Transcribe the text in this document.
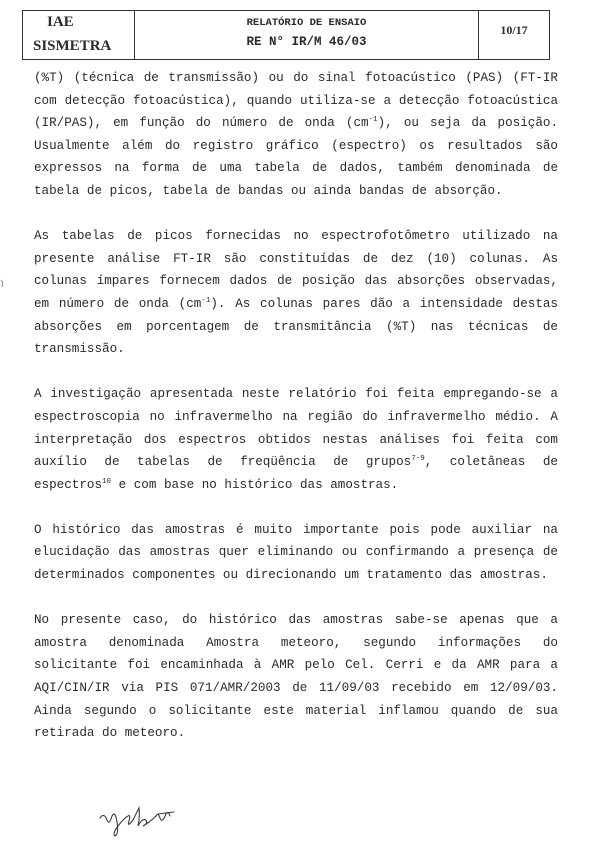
IAE
SISMETRA
RELATÓRIO DE ENSAIO
RE N° IR/M 46/03
10/17

(%T) (técnica de transmissão) ou do sinal fotoacústico (PAS) (FT-IR com detecção fotoacústica), quando utiliza-se a detecção fotoacústica (IR/PAS), em função do número de onda $(cm^{-1})$, ou seja da posição. Usualmente além do registro gráfico (espectro) os resultados são expressos na forma de uma tabela de dados, também denominada de tabela de picos, tabela de bandas ou ainda bandas de absorção.

As tabelas de picos fornecidas no espectrofotômetro utilizado na presente análise FT-IR são constituídas de dez (10) colunas. As colunas ímpares fornecem dados de posição das absorções observadas, em número de onda $(cm^{-1})$. As colunas pares dão a intensidade destas absorções em porcentagem de transmitância (%T) nas técnicas de transmissão.

A investigação apresentada neste relatório foi feita empregando-se a espectroscopia no infravermelho na região do infravermelho médio. A interpretação dos espectros obtidos nestas análises foi feita com auxílio de tabelas de freqüência de grupos$^{7-9}$, coletâneas de espectros$^{10}$ e com base no histórico das amostras.

O histórico das amostras é muito importante pois pode auxiliar na elucidação das amostras quer eliminando ou confirmando a presença de determinados componentes ou direcionando um tratamento das amostras.

No presente caso, do histórico das amostras sabe-se apenas que a amostra denominada Amostra meteoro, segundo informações do solicitante foi encaminhada à AMR pelo Cel. Cerri e da AMR para a AQI/CIN/IR via PIS 071/AMR/2003 de 11/09/03 recebido em 12/09/03. Ainda segundo o solicitante este material inflamou quando de sua retirada do meteoro.
